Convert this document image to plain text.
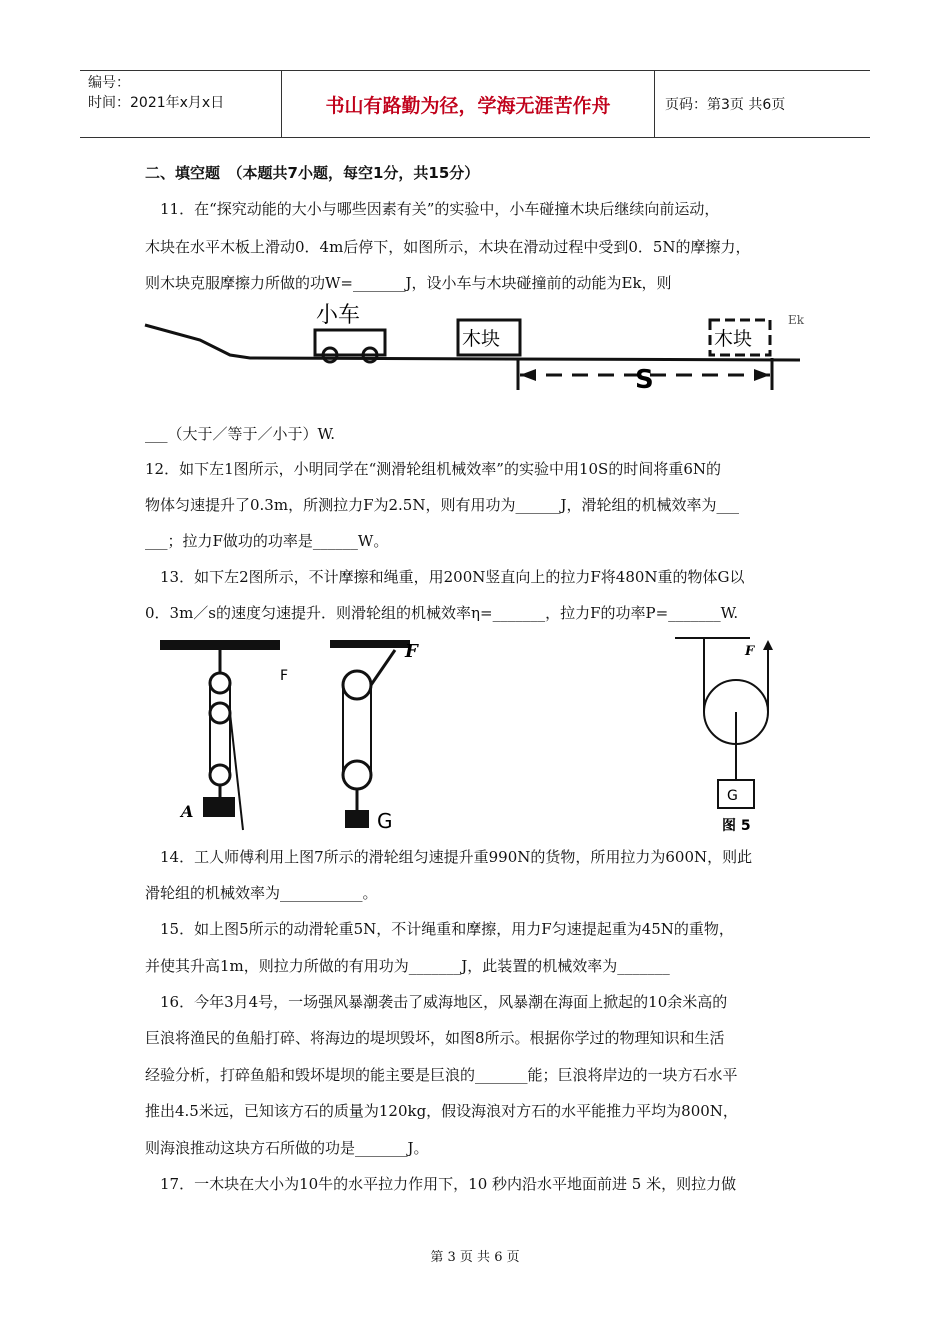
编号：
时间：2021年x月x日	书山有路勤为径，学海无涯苦作舟	页码：第3页 共6页
二、填空题　（本题共7小题，每空1分，共15分）
　11．在“探究动能的大小与哪些因素有关”的实验中，小车碰撞木块后继续向前运动，
木块在水平木板上滑动0．4m后停下，如图所示，木块在滑动过程中受到0．5N的摩擦力，
则木块克服摩擦力所做的功W=_______J，设小车与木块碰撞前的动能为Ek，则
小车
木块	木块
S
Ek
___（大于／等于／小于）W.
12．如下左1图所示，小明同学在“测滑轮组机械效率”的实验中用10S的时间将重6N的
物体匀速提升了0.3m，所测拉力F为2.5N，则有用功为______J，滑轮组的机械效率为___
___；拉力F做功的功率是______W。
　13．如下左2图所示，不计摩擦和绳重，用200N竖直向上的拉力F将480N重的物体G以
0．3m／s的速度匀速提升．则滑轮组的机械效率η=_______，拉力F的功率P=_______W.
F
A
F
G
G
F
图 5
　14．工人师傅利用上图7所示的滑轮组匀速提升重990N的货物，所用拉力为600N，则此
滑轮组的机械效率为___________。
　15．如上图5所示的动滑轮重5N，不计绳重和摩擦，用力F匀速提起重为45N的重物，
并使其升高1m，则拉力所做的有用功为_______J，此装置的机械效率为_______
　16．今年3月4号，一场强风暴潮袭击了威海地区，风暴潮在海面上掀起的10余米高的
巨浪将渔民的鱼船打碎、将海边的堤坝毁坏，如图8所示。根据你学过的物理知识和生活
经验分析，打碎鱼船和毁坏堤坝的能主要是巨浪的_______能；巨浪将岸边的一块方石水平
推出4.5米远，已知该方石的质量为120kg，假设海浪对方石的水平能推力平均为800N，
则海浪推动这块方石所做的功是_______J。
　17．一木块在大小为10牛的水平拉力作用下，10 秒内沿水平地面前进 5 米，则拉力做
第 3 页 共 6 页
